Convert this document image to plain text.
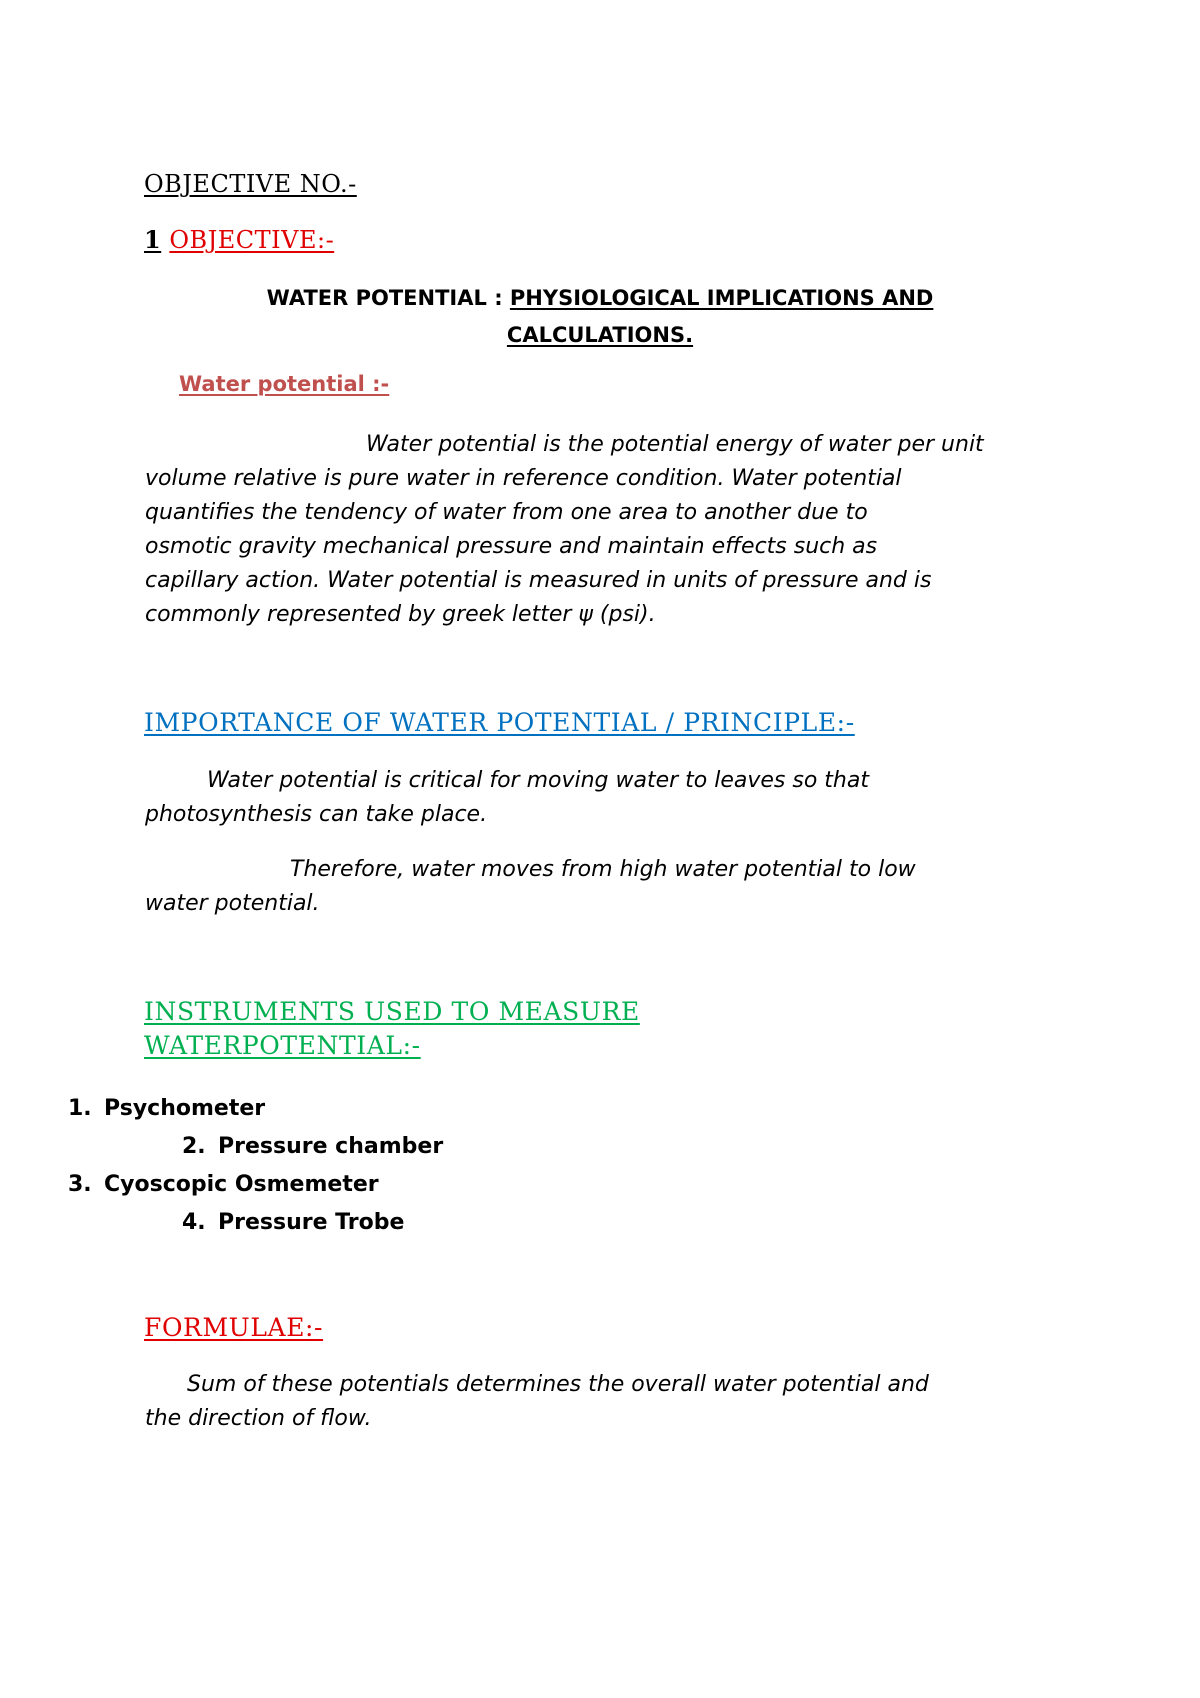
OBJECTIVE NO.-
1 OBJECTIVE:-
WATER POTENTIAL : PHYSIOLOGICAL IMPLICATIONS AND
CALCULATIONS.
Water potential :-
Water potential is the potential energy of water per unit
volume relative is pure water in reference condition. Water potential
quantifies the tendency of water from one area to another due to
osmotic gravity mechanical pressure and maintain effects such as
capillary action. Water potential is measured in units of pressure and is
commonly represented by greek letter ψ (psi).
IMPORTANCE OF WATER POTENTIAL / PRINCIPLE:-
Water potential is critical for moving water to leaves so that
photosynthesis can take place.
Therefore, water moves from high water potential to low
water potential.
INSTRUMENTS USED TO MEASURE
WATERPOTENTIAL:-
1. Psychometer
2. Pressure chamber
3. Cyoscopic Osmemeter
4. Pressure Trobe
FORMULAE:-
Sum of these potentials determines the overall water potential and
the direction of flow.
